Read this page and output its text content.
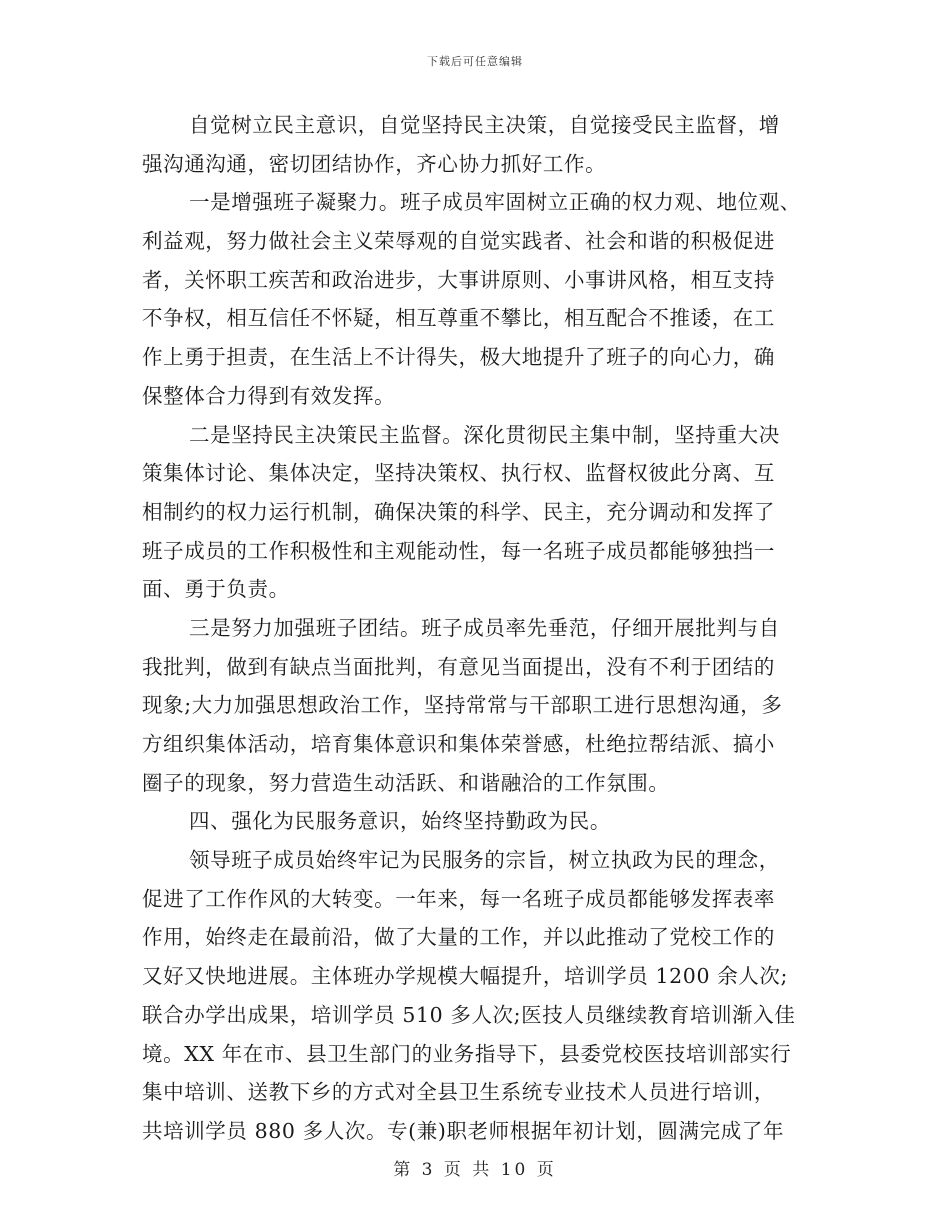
下载后可任意编辑
自觉树立民主意识，自觉坚持民主决策，自觉接受民主监督，增
强沟通沟通，密切团结协作，齐心协力抓好工作。
一是增强班子凝聚力。班子成员牢固树立正确的权力观、地位观、
利益观，努力做社会主义荣辱观的自觉实践者、社会和谐的积极促进
者，关怀职工疾苦和政治进步，大事讲原则、小事讲风格，相互支持
不争权，相互信任不怀疑，相互尊重不攀比，相互配合不推诿，在工
作上勇于担责，在生活上不计得失，极大地提升了班子的向心力，确
保整体合力得到有效发挥。
二是坚持民主决策民主监督。深化贯彻民主集中制，坚持重大决
策集体讨论、集体决定，坚持决策权、执行权、监督权彼此分离、互
相制约的权力运行机制，确保决策的科学、民主，充分调动和发挥了
班子成员的工作积极性和主观能动性，每一名班子成员都能够独挡一
面、勇于负责。
三是努力加强班子团结。班子成员率先垂范，仔细开展批判与自
我批判，做到有缺点当面批判，有意见当面提出，没有不利于团结的
现象;大力加强思想政治工作，坚持常常与干部职工进行思想沟通，多
方组织集体活动，培育集体意识和集体荣誉感，杜绝拉帮结派、搞小
圈子的现象，努力营造生动活跃、和谐融洽的工作氛围。
四、强化为民服务意识，始终坚持勤政为民。
领导班子成员始终牢记为民服务的宗旨，树立执政为民的理念，
促进了工作作风的大转变。一年来，每一名班子成员都能够发挥表率
作用，始终走在最前沿，做了大量的工作，并以此推动了党校工作的
又好又快地进展。主体班办学规模大幅提升，培训学员 1200 余人次;
联合办学出成果，培训学员 510 多人次;医技人员继续教育培训渐入佳
境。XX 年在市、县卫生部门的业务指导下，县委党校医技培训部实行
集中培训、送教下乡的方式对全县卫生系统专业技术人员进行培训，
共培训学员 880 多人次。专(兼)职老师根据年初计划，圆满完成了年
第 3 页 共 10 页
